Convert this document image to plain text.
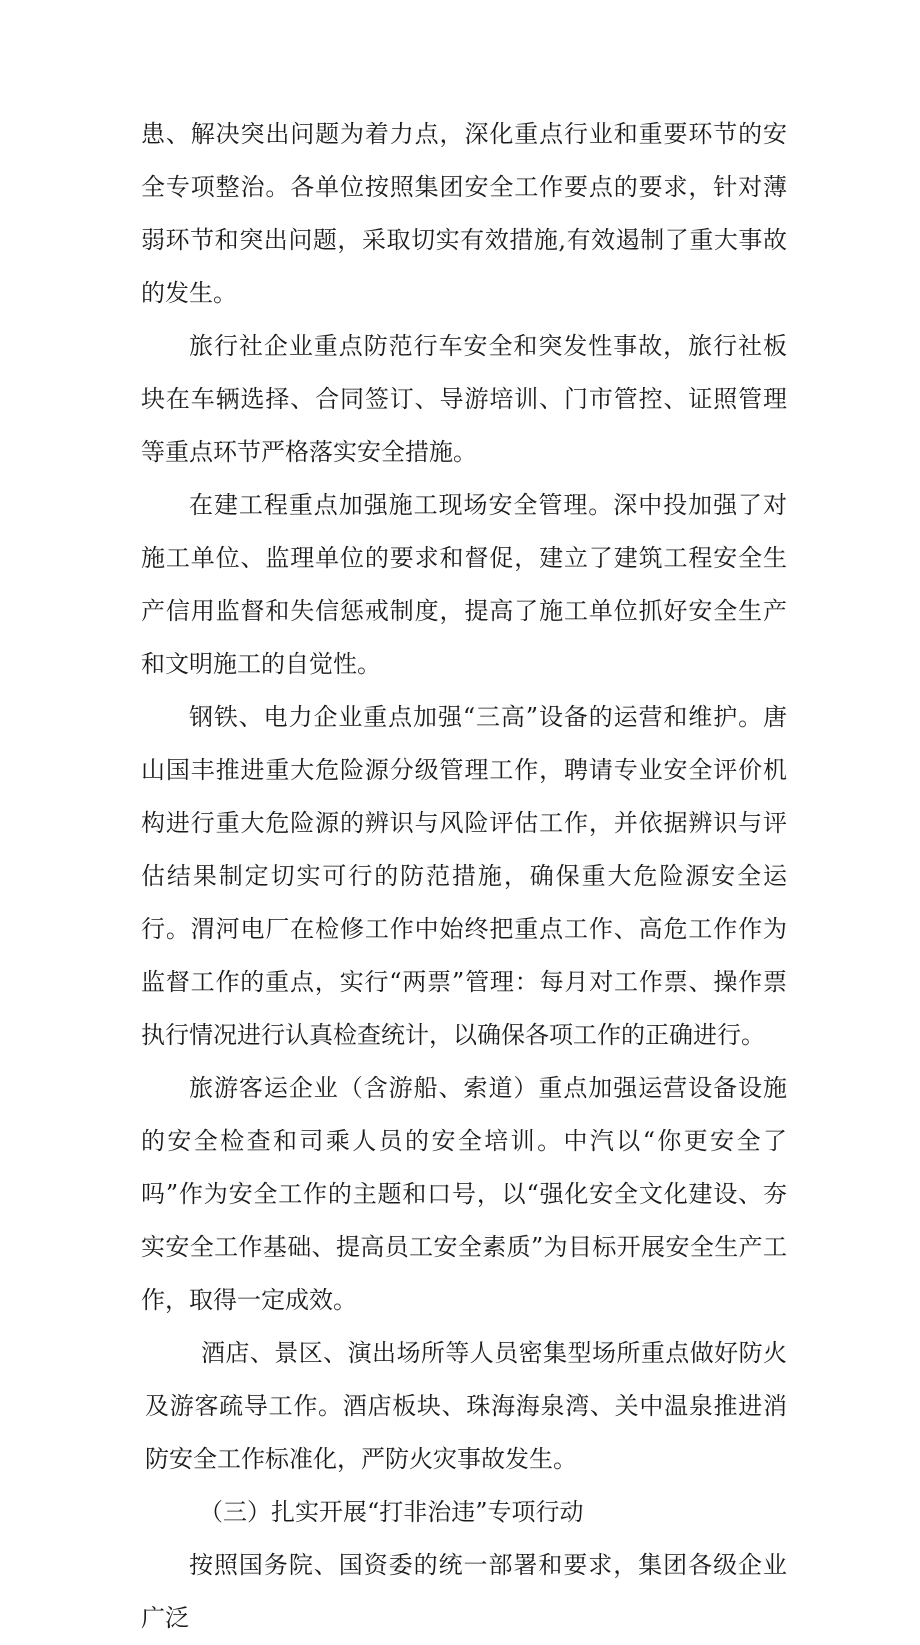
患、解决突出问题为着力点，深化重点行业和重要环节的安全专项整治。各单位按照集团安全工作要点的要求，针对薄弱环节和突出问题，采取切实有效措施,有效遏制了重大事故的发生。

旅行社企业重点防范行车安全和突发性事故，旅行社板块在车辆选择、合同签订、导游培训、门市管控、证照管理等重点环节严格落实安全措施。

在建工程重点加强施工现场安全管理。深中投加强了对施工单位、监理单位的要求和督促，建立了建筑工程安全生产信用监督和失信惩戒制度，提高了施工单位抓好安全生产和文明施工的自觉性。

钢铁、电力企业重点加强“三高”设备的运营和维护。唐山国丰推进重大危险源分级管理工作，聘请专业安全评价机构进行重大危险源的辨识与风险评估工作，并依据辨识与评估结果制定切实可行的防范措施，确保重大危险源安全运行。渭河电厂在检修工作中始终把重点工作、高危工作作为监督工作的重点，实行“两票”管理：每月对工作票、操作票执行情况进行认真检查统计，以确保各项工作的正确进行。

旅游客运企业（含游船、索道）重点加强运营设备设施的安全检查和司乘人员的安全培训。中汽以“你更安全了吗”作为安全工作的主题和口号，以“强化安全文化建设、夯实安全工作基础、提高员工安全素质”为目标开展安全生产工作，取得一定成效。

酒店、景区、演出场所等人员密集型场所重点做好防火及游客疏导工作。酒店板块、珠海海泉湾、关中温泉推进消防安全工作标准化，严防火灾事故发生。

（三）扎实开展“打非治违”专项行动

按照国务院、国资委的统一部署和要求，集团各级企业广泛
